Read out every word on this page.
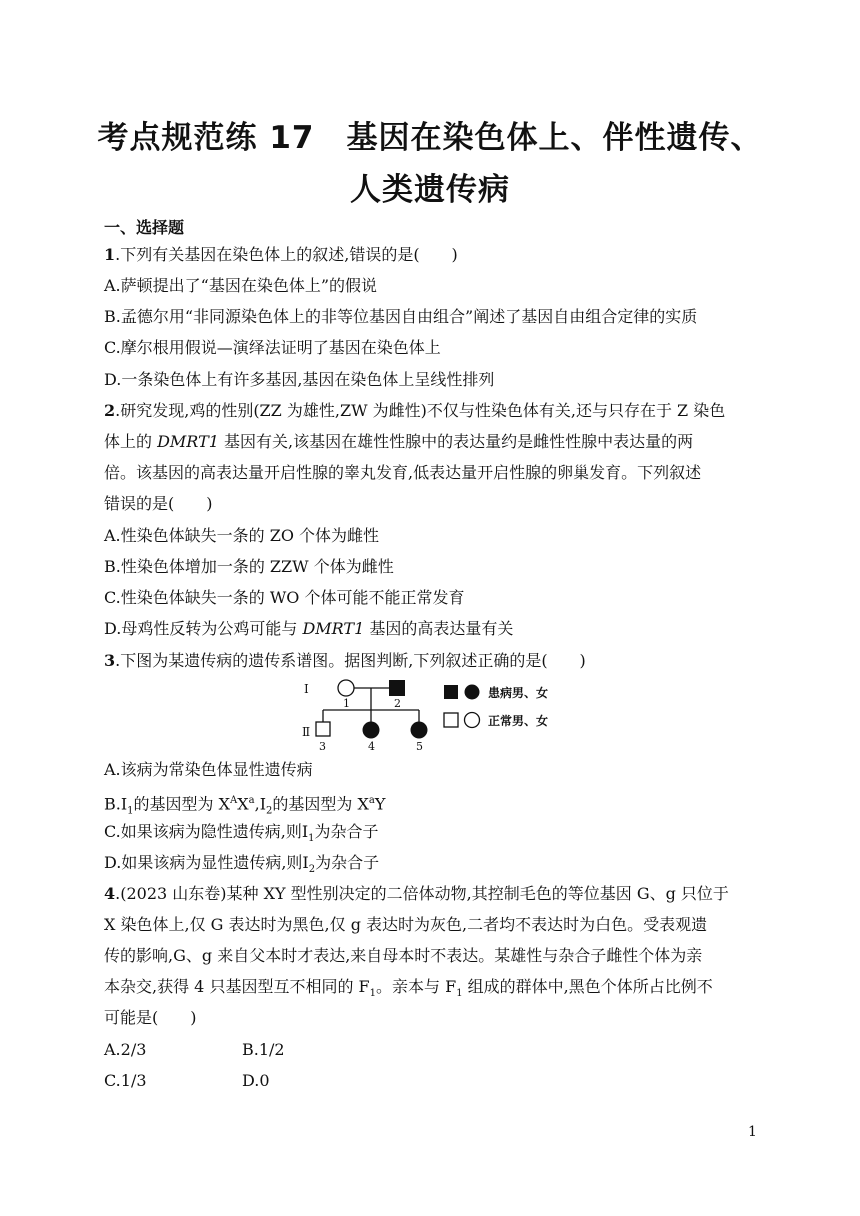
考点规范练 17　基因在染色体上、伴性遗传、
人类遗传病
一、选择题
1.下列有关基因在染色体上的叙述,错误的是(　　)
A.萨顿提出了“基因在染色体上”的假说
B.孟德尔用“非同源染色体上的非等位基因自由组合”阐述了基因自由组合定律的实质
C.摩尔根用假说—演绎法证明了基因在染色体上
D.一条染色体上有许多基因,基因在染色体上呈线性排列
2.研究发现,鸡的性别(ZZ 为雄性,ZW 为雌性)不仅与性染色体有关,还与只存在于 Z 染色
体上的 DMRT1 基因有关,该基因在雄性性腺中的表达量约是雌性性腺中表达量的两
倍。该基因的高表达量开启性腺的睾丸发育,低表达量开启性腺的卵巢发育。下列叙述
错误的是(　　)
A.性染色体缺失一条的 ZO 个体为雌性
B.性染色体增加一条的 ZZW 个体为雌性
C.性染色体缺失一条的 WO 个体可能不能正常发育
D.母鸡性反转为公鸡可能与 DMRT1 基因的高表达量有关
3.下图为某遗传病的遗传系谱图。据图判断,下列叙述正确的是(　　)
Ⅰ
Ⅱ
1	2
3	4	5
患病男、女
正常男、女
A.该病为常染色体显性遗传病
$B.Ⅰ_1$的基因型为 $X^AX^a,Ⅰ_2$的基因型为 $X^aY$
C.如果该病为隐性遗传病,则$Ⅰ_1$为杂合子
D.如果该病为显性遗传病,则$Ⅰ_2$为杂合子
4.(2023 山东卷)某种 XY 型性别决定的二倍体动物,其控制毛色的等位基因 G、g 只位于
X 染色体上,仅 G 表达时为黑色,仅 g 表达时为灰色,二者均不表达时为白色。受表观遗
传的影响,G、g 来自父本时才表达,来自母本时不表达。某雄性与杂合子雌性个体为亲
本杂交,获得 4 只基因型互不相同的 $F_1$。亲本与 $F_1$ 组成的群体中,黑色个体所占比例不
可能是(　　)
A.2/3	B.1/2
C.1/3	D.0
1
